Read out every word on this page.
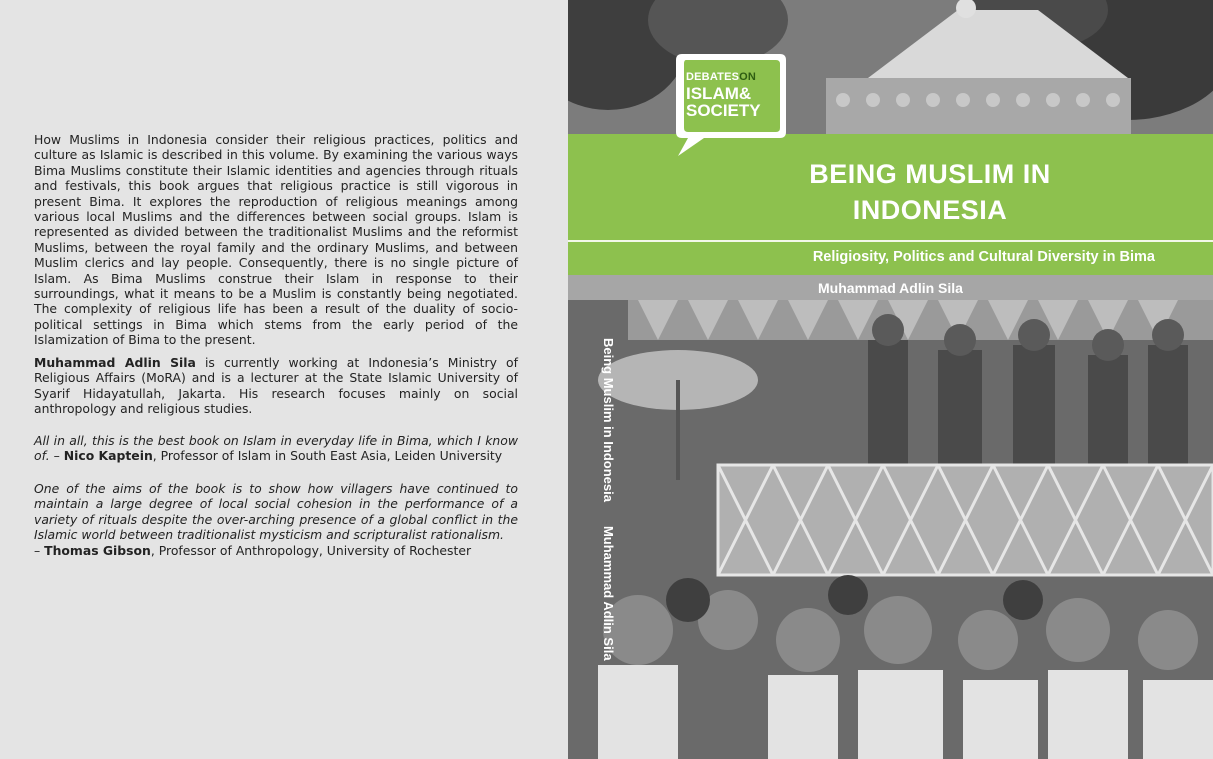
How Muslims in Indonesia consider their religious practices, politics and culture as Islamic is described in this volume. By examining the various ways Bima Muslims constitute their Islamic identities and agencies through rituals and festivals, this book argues that religious practice is still vigorous in present Bima. It explores the reproduction of religious meanings among various local Muslims and the differences between social groups. Islam is represented as divided between the traditionalist Muslims and the reformist Muslims, between the royal family and the ordinary Muslims, and between Muslim clerics and lay people. Consequently, there is no single picture of Islam. As Bima Muslims construe their Islam in response to their surroundings, what it means to be a Muslim is constantly being negotiated. The complexity of religious life has been a result of the duality of socio-political settings in Bima which stems from the early period of the Islamization of Bima to the present.

Muhammad Adlin Sila is currently working at Indonesia’s Ministry of Religious Affairs (MoRA) and is a lecturer at the State Islamic University of Syarif Hidayatullah, Jakarta. His research focuses mainly on social anthropology and religious studies.

All in all, this is the best book on Islam in everyday life in Bima, which I know of. – Nico Kaptein, Professor of Islam in South East Asia, Leiden University

One of the aims of the book is to show how villagers have continued to maintain a large degree of local social cohesion in the performance of a variety of rituals despite the over-arching presence of a global conflict in the Islamic world between traditionalist mysticism and scripturalist rationalism.
– Thomas Gibson, Professor of Anthropology, University of Rochester

BEING MUSLIM IN INDONESIA
Religiosity, Politics and Cultural Diversity in Bima
Muhammad Adlin Sila
DEBATESON
ISLAM&
SOCIETY
Being Muslim in IndonesiaMuhammad Adlin Sila
